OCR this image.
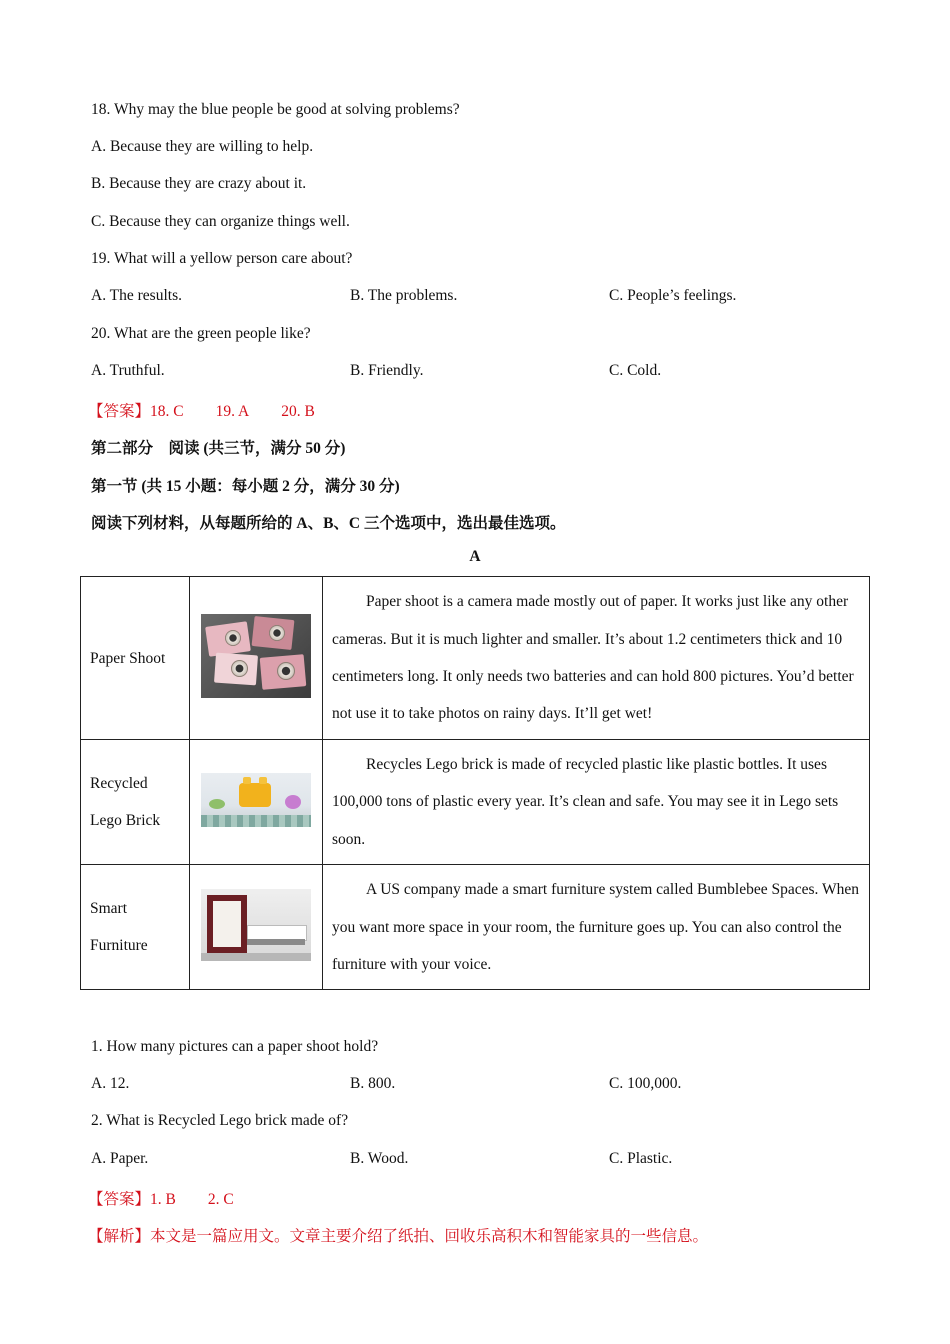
18. Why may the blue people be good at solving problems?
A. Because they are willing to help.
B. Because they are crazy about it.
C. Because they can organize things well.
19. What will a yellow person care about?
A. The results.	B. The problems.	C. People’s feelings.
20. What are the green people like?
A. Truthful.	B. Friendly.	C. Cold.
【答案】18. C 19. A 20. B
第二部分　阅读 (共三节，满分 50 分)
第一节 (共 15 小题：每小题 2 分，满分 30 分)
阅读下列材料，从每题所给的 A、B、C 三个选项中，选出最佳选项。
A
Paper Shoot		Paper shoot is a camera made mostly out of paper. It works just like any other cameras. But it is much lighter and smaller. It’s about 1.2 centimeters thick and 10 centimeters long. It only needs two batteries and can hold 800 pictures. You’d better not use it to take photos on rainy days. It’ll get wet!

Recycled
Lego Brick		Recycles Lego brick is made of recycled plastic like plastic bottles. It uses 100,000 tons of plastic every year. It’s clean and safe. You may see it in Lego sets soon.

Smart
Furniture		A US company made a smart furniture system called Bumblebee Spaces. When you want more space in your room, the furniture goes up. You can also control the furniture with your voice.

1. How many pictures can a paper shoot hold?
A. 12.	B. 800.	C. 100,000.
2. What is Recycled Lego brick made of?
A. Paper.	B. Wood.	C. Plastic.
【答案】1. B 2. C
【解析】本文是一篇应用文。文章主要介绍了纸拍、回收乐高积木和智能家具的一些信息。
